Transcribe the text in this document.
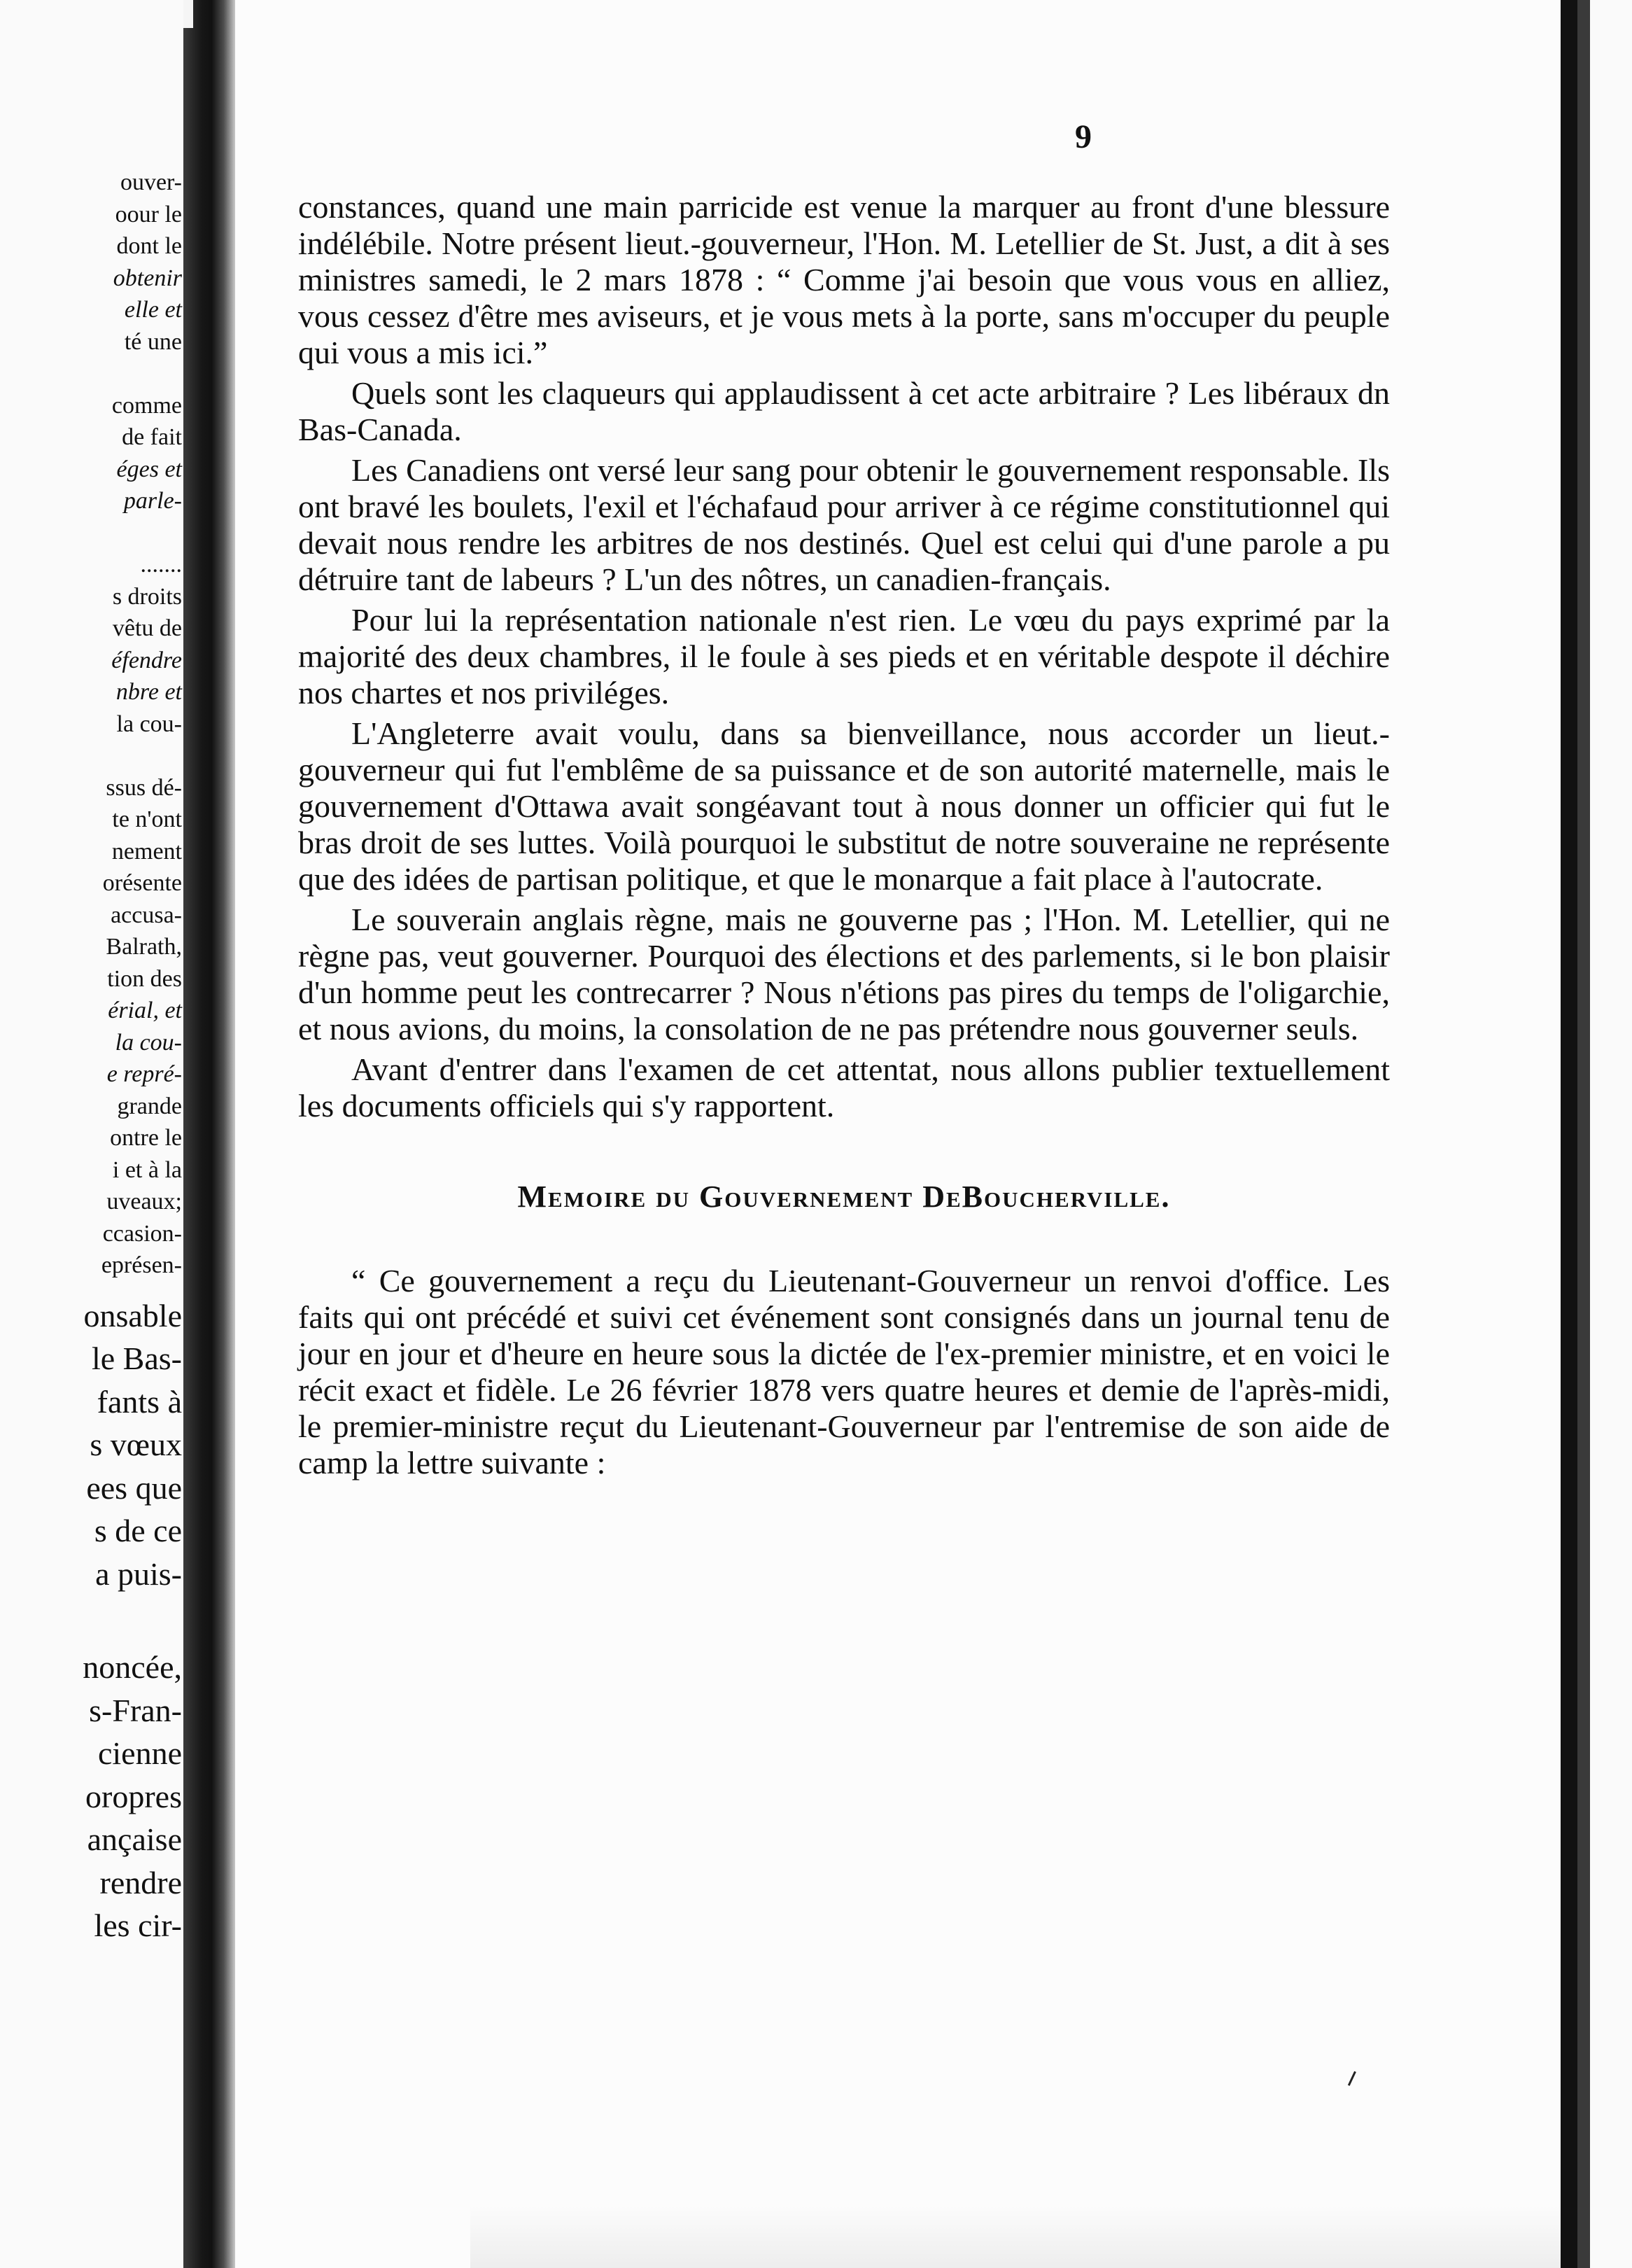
ouver-
oour le
dont le
obtenir
elle et
té une
comme
de fait
éges et
parle-
.......
s droits
vêtu de
éfendre
nbre et
la cou-
ssus dé-
te n'ont
nement
orésente
accusa-
Balrath,
tion des
érial, et
la cou-
e repré-
grande
ontre le
i et à la
uveaux;
ccasion-
eprésen-
onsable
le Bas-
fants à
s vœux
ees que
s de ce
a puis-
noncée,
s-Fran-
cienne
oropres
ançaise
rendre
les cir-
9

constances, quand une main parricide est venue la marquer au front d'une blessure indélébile. Notre présent lieut.-gouverneur, l'Hon. M. Letellier de St. Just, a dit à ses ministres samedi, le 2 mars 1878 : “ Comme j'ai besoin que vous vous en alliez, vous cessez d'être mes aviseurs, et je vous mets à la porte, sans m'occuper du peuple qui vous a mis ici.”

Quels sont les claqueurs qui applaudissent à cet acte arbitraire ? Les libéraux dn Bas-Canada.

Les Canadiens ont versé leur sang pour obtenir le gouvernement responsable. Ils ont bravé les boulets, l'exil et l'échafaud pour arriver à ce régime constitutionnel qui devait nous rendre les arbitres de nos destinés. Quel est celui qui d'une parole a pu détruire tant de labeurs ? L'un des nôtres, un canadien-français.

Pour lui la représentation nationale n'est rien. Le vœu du pays exprimé par la majorité des deux chambres, il le foule à ses pieds et en véritable despote il déchire nos chartes et nos priviléges.

L'Angleterre avait voulu, dans sa bienveillance, nous accorder un lieut.-gouverneur qui fut l'emblême de sa puissance et de son autorité maternelle, mais le gouvernement d'Ottawa avait songéavant tout à nous donner un officier qui fut le bras droit de ses luttes. Voilà pourquoi le substitut de notre souveraine ne représente que des idées de partisan politique, et que le monarque a fait place à l'autocrate.

Le souverain anglais règne, mais ne gouverne pas ; l'Hon. M. Letellier, qui ne règne pas, veut gouverner. Pourquoi des élections et des parlements, si le bon plaisir d'un homme peut les contrecarrer ? Nous n'étions pas pires du temps de l'oligarchie, et nous avions, du moins, la consolation de ne pas prétendre nous gouverner seuls.

Avant d'entrer dans l'examen de cet attentat, nous allons publier textuellement les documents officiels qui s'y rapportent.

Memoire du Gouvernement DeBoucherville.

“ Ce gouvernement a reçu du Lieutenant-Gouverneur un renvoi d'office. Les faits qui ont précédé et suivi cet événement sont consignés dans un journal tenu de jour en jour et d'heure en heure sous la dictée de l'ex-premier ministre, et en voici le récit exact et fidèle. Le 26 février 1878 vers quatre heures et demie de l'après-midi, le premier-ministre reçut du Lieutenant-Gouverneur par l'entremise de son aide de camp la lettre suivante :
